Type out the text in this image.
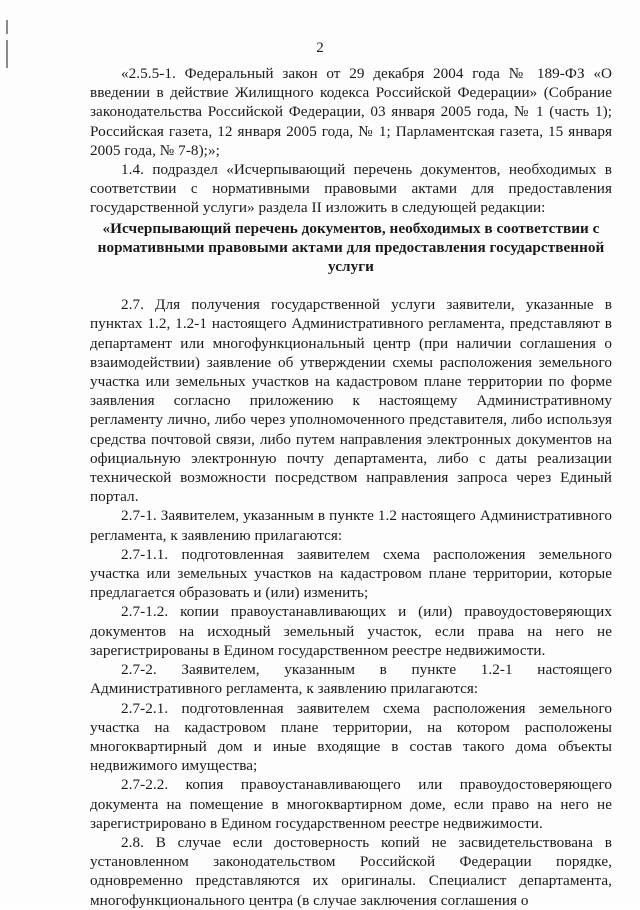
2

«2.5.5-1. Федеральный закон от 29 декабря 2004 года № 189-ФЗ «О введении в действие Жилищного кодекса Российской Федерации» (Собрание законодательства Российской Федерации, 03 января 2005 года, № 1 (часть 1); Российская газета, 12 января 2005 года, № 1; Парламентская газета, 15 января 2005 года, № 7-8);»;

1.4. подраздел «Исчерпывающий перечень документов, необходимых в соответствии с нормативными правовыми актами для предоставления государственной услуги» раздела II изложить в следующей редакции:

«Исчерпывающий перечень документов, необходимых в соответствии с нормативными правовыми актами для предоставления государственной услуги

2.7. Для получения государственной услуги заявители, указанные в пунктах 1.2, 1.2-1 настоящего Административного регламента, представляют в департамент или многофункциональный центр (при наличии соглашения о взаимодействии) заявление об утверждении схемы расположения земельного участка или земельных участков на кадастровом плане территории по форме заявления согласно приложению к настоящему Административному регламенту лично, либо через уполномоченного представителя, либо используя средства почтовой связи, либо путем направления электронных документов на официальную электронную почту департамента, либо с даты реализации технической возможности посредством направления запроса через Единый портал.

2.7-1. Заявителем, указанным в пункте 1.2 настоящего Административного регламента, к заявлению прилагаются:

2.7-1.1. подготовленная заявителем схема расположения земельного участка или земельных участков на кадастровом плане территории, которые предлагается образовать и (или) изменить;

2.7-1.2. копии правоустанавливающих и (или) правоудостоверяющих документов на исходный земельный участок, если права на него не зарегистрированы в Едином государственном реестре недвижимости.

2.7-2. Заявителем, указанным в пункте 1.2-1 настоящего Административного регламента, к заявлению прилагаются:

2.7-2.1. подготовленная заявителем схема расположения земельного участка на кадастровом плане территории, на котором расположены многоквартирный дом и иные входящие в состав такого дома объекты недвижимого имущества;

2.7-2.2. копия правоустанавливающего или правоудостоверяющего документа на помещение в многоквартирном доме, если право на него не зарегистрировано в Едином государственном реестре недвижимости.

2.8. В случае если достоверность копий не засвидетельствована в установленном законодательством Российской Федерации порядке, одновременно представляются их оригиналы. Специалист департамента, многофункционального центра (в случае заключения соглашения о
